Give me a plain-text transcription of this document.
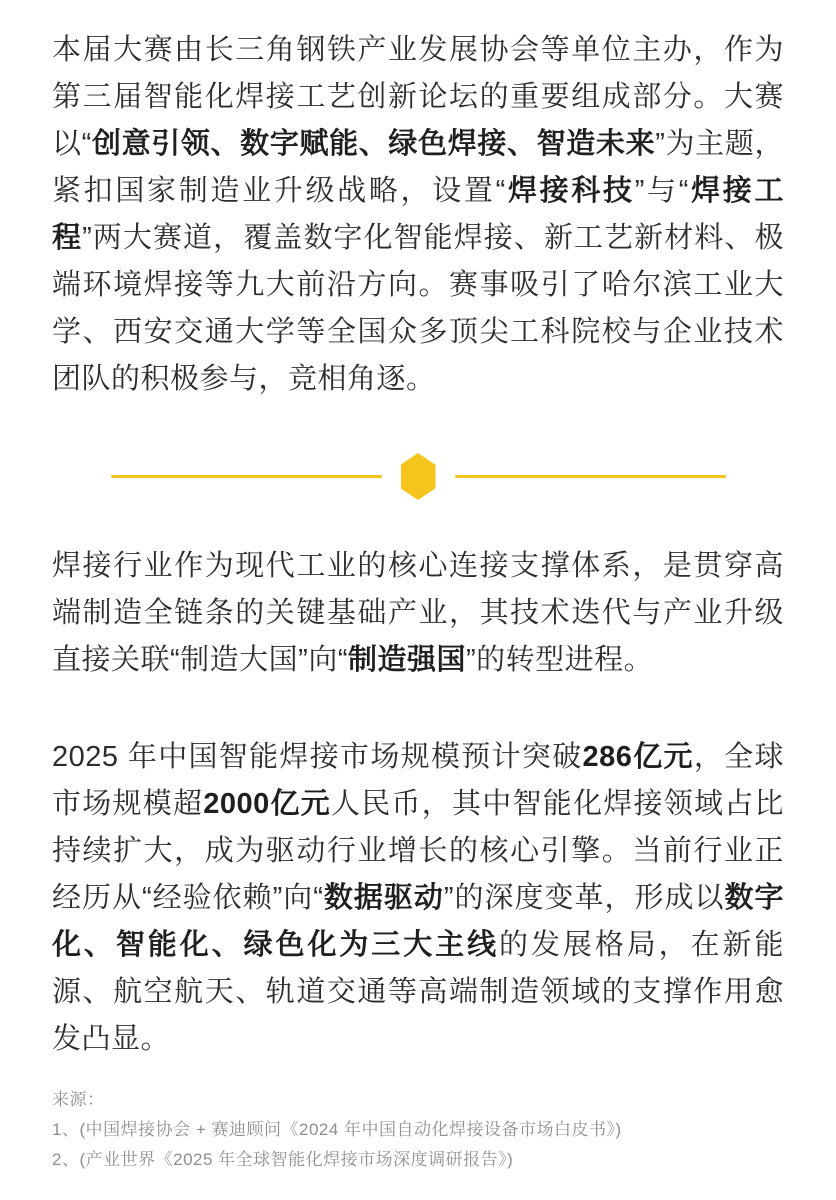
本届大赛由长三角钢铁产业发展协会等单位主办，作为第三届智能化焊接工艺创新论坛的重要组成部分。大赛以“创意引领、数字赋能、绿色焊接、智造未来”为主题，紧扣国家制造业升级战略，设置“焊接科技”与“焊接工程”两大赛道，覆盖数字化智能焊接、新工艺新材料、极端环境焊接等九大前沿方向。赛事吸引了哈尔滨工业大学、西安交通大学等全国众多顶尖工科院校与企业技术团队的积极参与，竞相角逐。

焊接行业作为现代工业的核心连接支撑体系，是贯穿高端制造全链条的关键基础产业，其技术迭代与产业升级直接关联“制造大国”向“制造强国”的转型进程。

2025 年中国智能焊接市场规模预计突破286亿元，全球市场规模超2000亿元人民币，其中智能化焊接领域占比持续扩大，成为驱动行业增长的核心引擎。当前行业正经历从“经验依赖”向“数据驱动”的深度变革，形成以数字化、智能化、绿色化为三大主线的发展格局，在新能源、航空航天、轨道交通等高端制造领域的支撑作用愈发凸显。

来源：
1、(中国焊接协会 + 赛迪顾问《2024 年中国自动化焊接设备市场白皮书》)
2、(产业世界《2025 年全球智能化焊接市场深度调研报告》)
